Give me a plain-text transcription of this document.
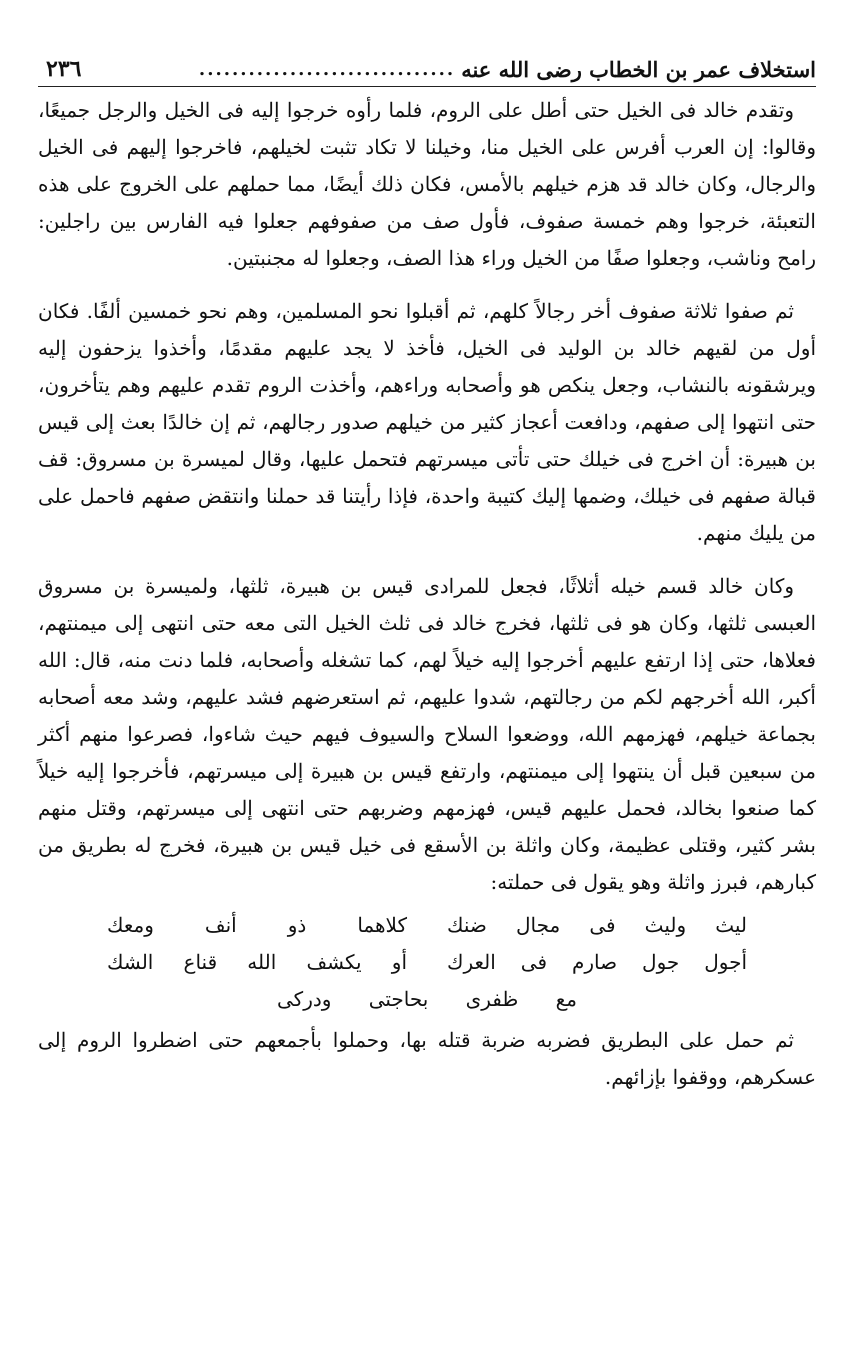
استخلاف عمر بن الخطاب رضى الله عنه
...............................
٢٣٦

وتقدم خالد فى الخيل حتى أطل على الروم، فلما رأوه خرجوا إليه فى الخيل والرجل جميعًا، وقالوا: إن العرب أفرس على الخيل منا، وخيلنا لا تكاد تثبت لخيلهم، فاخرجوا إليهم فى الخيل والرجال، وكان خالد قد هزم خيلهم بالأمس، فكان ذلك أيضًا، مما حملهم على الخروج على هذه التعبئة، خرجوا وهم خمسة صفوف، فأول صف من صفوفهم جعلوا فيه الفارس بين راجلين: رامح وناشب، وجعلوا صفًا من الخيل وراء هذا الصف، وجعلوا له مجنبتين.

ثم صفوا ثلاثة صفوف أخر رجالاً كلهم، ثم أقبلوا نحو المسلمين، وهم نحو خمسين ألفًا. فكان أول من لقيهم خالد بن الوليد فى الخيل، فأخذ لا يجد عليهم مقدمًا، وأخذوا يزحفون إليه ويرشقونه بالنشاب، وجعل ينكص هو وأصحابه وراءهم، وأخذت الروم تقدم عليهم وهم يتأخرون، حتى انتهوا إلى صفهم، ودافعت أعجاز كثير من خيلهم صدور رجالهم، ثم إن خالدًا بعث إلى قيس بن هبيرة: أن اخرج فى خيلك حتى تأتى ميسرتهم فتحمل عليها، وقال لميسرة بن مسروق: قف قبالة صفهم فى خيلك، وضمها إليك كتيبة واحدة، فإذا رأيتنا قد حملنا وانتقض صفهم فاحمل على من يليك منهم.

وكان خالد قسم خيله أثلاثًا، فجعل للمرادى قيس بن هبيرة، ثلثها، ولميسرة بن مسروق العبسى ثلثها، وكان هو فى ثلثها، فخرج خالد فى ثلث الخيل التى معه حتى انتهى إلى ميمنتهم، فعلاها، حتى إذا ارتفع عليهم أخرجوا إليه خيلاً لهم، كما تشغله وأصحابه، فلما دنت منه، قال: الله أكبر، الله أخرجهم لكم من رجالتهم، شدوا عليهم، ثم استعرضهم فشد عليهم، وشد معه أصحابه بجماعة خيلهم، فهزمهم الله، ووضعوا السلاح والسيوف فيهم حيث شاءوا، فصرعوا منهم أكثر من سبعين قبل أن ينتهوا إلى ميمنتهم، وارتفع قيس بن هبيرة إلى ميسرتهم، فأخرجوا إليه خيلاً كما صنعوا بخالد، فحمل عليهم قيس، فهزمهم وضربهم حتى انتهى إلى ميسرتهم، وقتل منهم بشر كثير، وقتلى عظيمة، وكان واثلة بن الأسقع فى خيل قيس بن هبيرة، فخرج له بطريق من كبارهم، فبرز واثلة وهو يقول فى حملته:

ليث وليث فى مجال ضنك
كلاهما ذو أنف ومعك
أجول جول صارم فى العرك
أو يكشف الله قناع الشك
مع ظفرى بحاجتى ودركى

ثم حمل على البطريق فضربه ضربة قتله بها، وحملوا بأجمعهم حتى اضطروا الروم إلى عسكرهم، ووقفوا بإزائهم.
